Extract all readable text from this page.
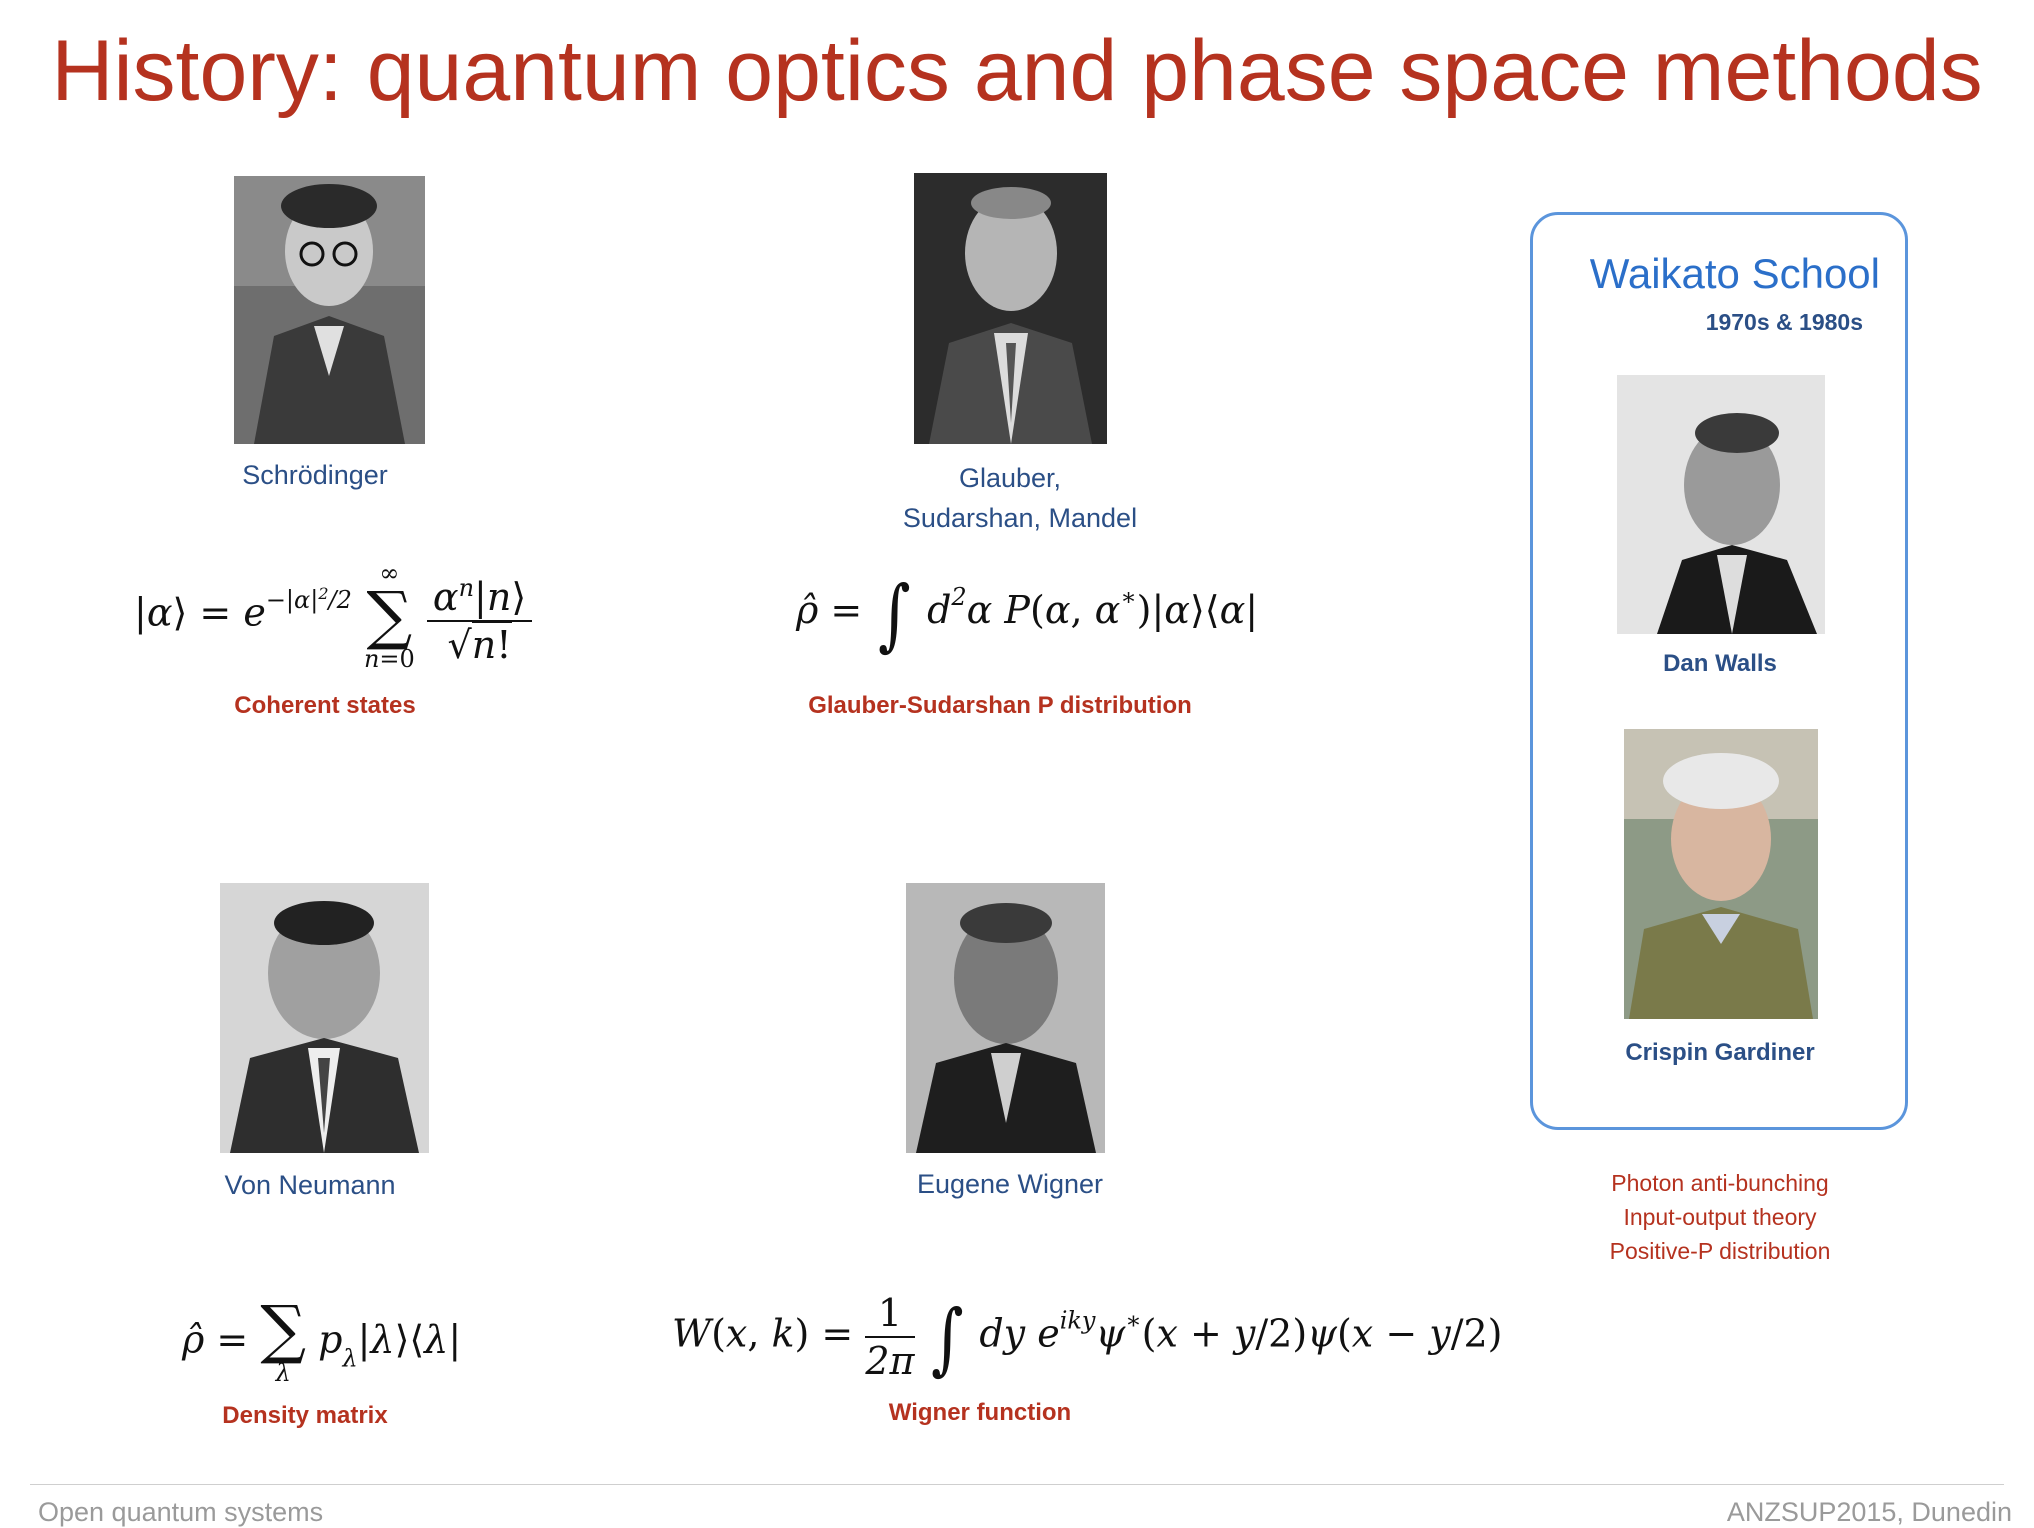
History: quantum optics and phase space methods
Schrödinger
|α⟩ = $e^{-|\alpha|^2/2}$
∞
∑
n=0
$\frac{\alpha^n|n⟩}{√n!}$
Coherent states
Glauber,
Sudarshan, Mandel
ρ̂ = ∫ $d^2\alpha$ P(α, α∗)|α⟩⟨α|
Glauber-Sudarshan P distribution
Von Neumann
ρ̂ = ∑
λ
$p_\lambda|\lambda⟩⟨\lambda|$
Density matrix
Eugene Wigner
W(x, $k) = \frac{1}{2\pi}$ ∫ dy $e^{iky}\psi^∗(x + y/2)\psi(x - y/2)$
Wigner function
Waikato School
1970s & 1980s
Dan Walls
Crispin Gardiner
Photon anti-bunching
Input-output theory
Positive-P distribution
Open quantum systems	ANZSUP2015, Dunedin
